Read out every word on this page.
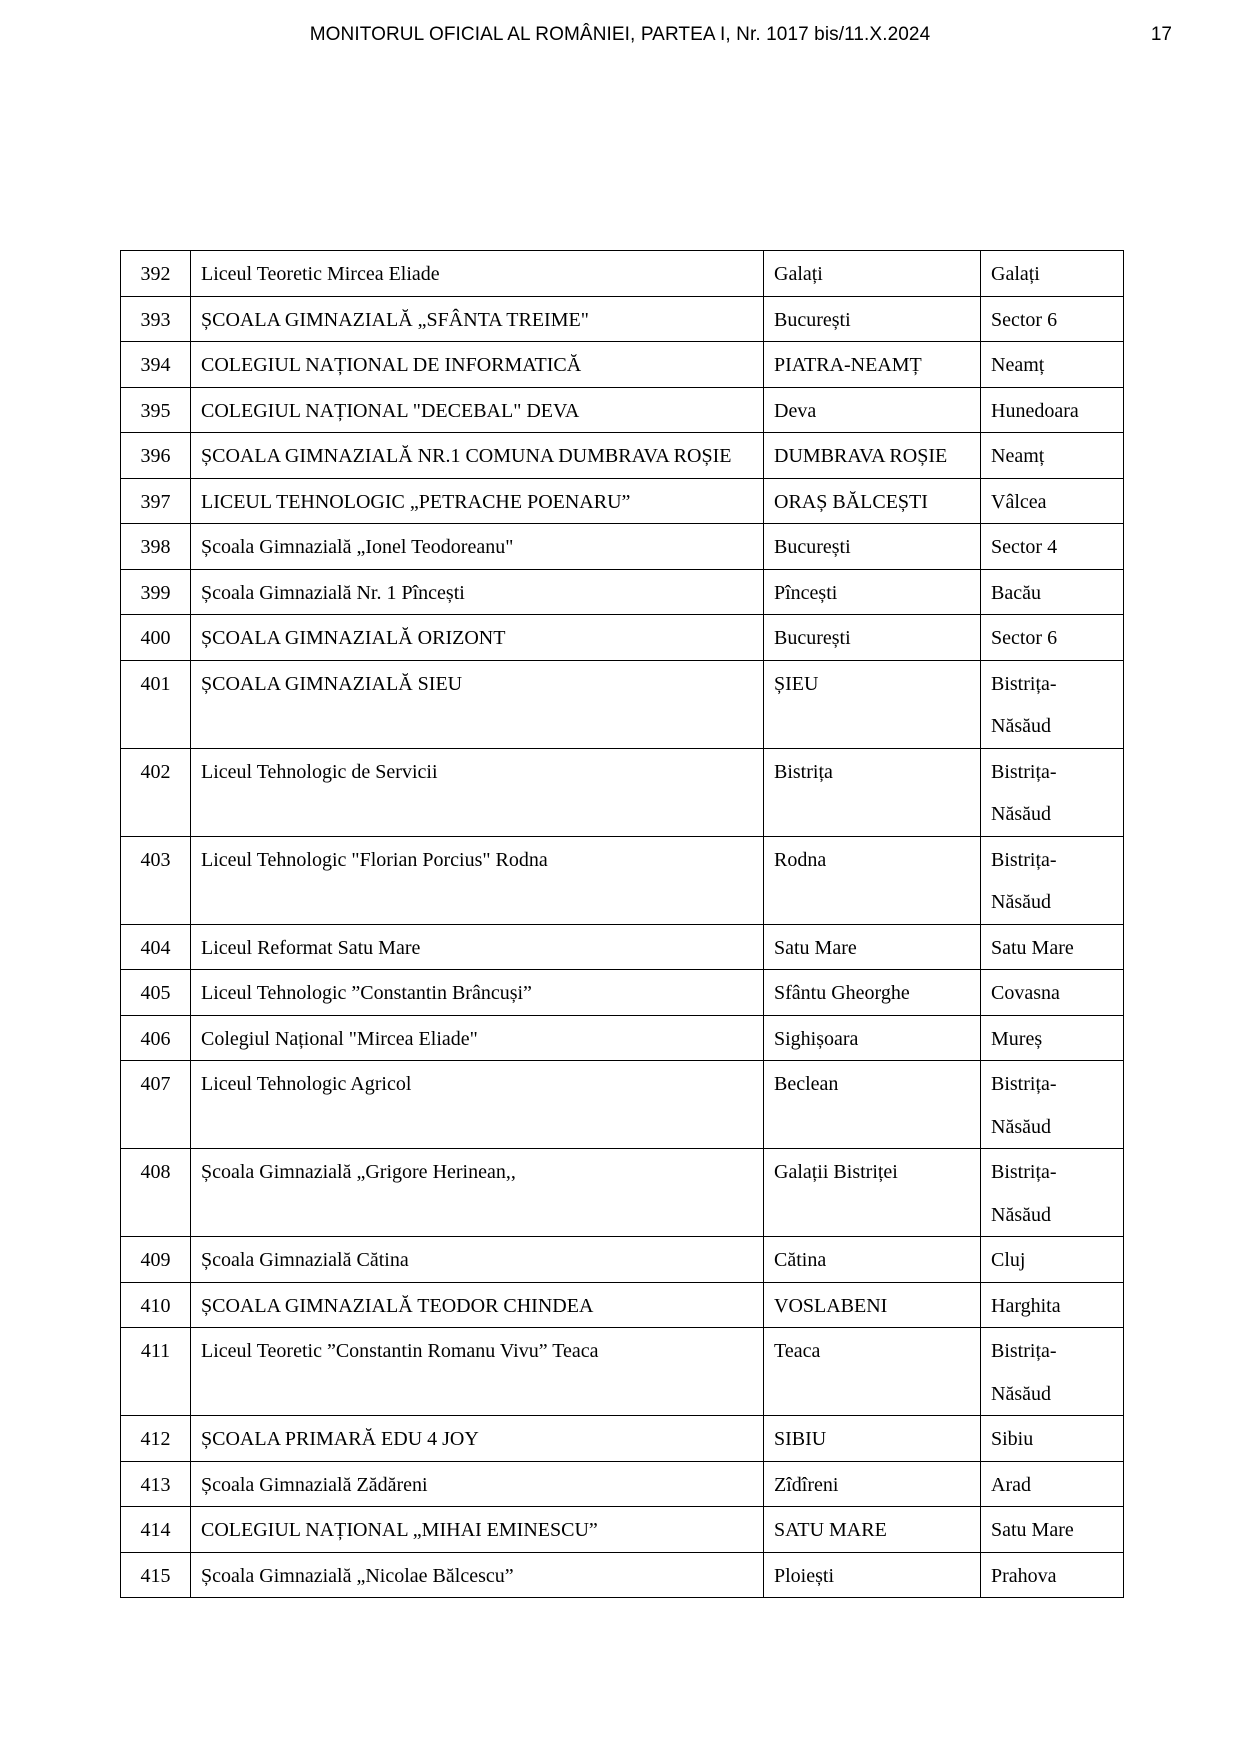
MONITORUL OFICIAL AL ROMÂNIEI, PARTEA I, Nr. 1017 bis/11.X.2024	17
392	Liceul Teoretic Mircea Eliade	Galați	Galați
393	ȘCOALA GIMNAZIALĂ „SFÂNTA TREIME"	București	Sector 6
394	COLEGIUL NAȚIONAL DE INFORMATICĂ	PIATRA-NEAMȚ	Neamț
395	COLEGIUL NAȚIONAL "DECEBAL" DEVA	Deva	Hunedoara
396	ȘCOALA GIMNAZIALĂ NR.1 COMUNA DUMBRAVA ROȘIE	DUMBRAVA ROȘIE	Neamț
397	LICEUL TEHNOLOGIC „PETRACHE POENARU”	ORAȘ BĂLCEȘTI	Vâlcea
398	Școala Gimnazială „Ionel Teodoreanu"	București	Sector 4
399	Școala Gimnazială Nr. 1 Pîncești	Pîncești	Bacău
400	ȘCOALA GIMNAZIALĂ ORIZONT	București	Sector 6
401	ȘCOALA GIMNAZIALĂ SIEU	ȘIEU	Bistrița-Năsăud
402	Liceul Tehnologic de Servicii	Bistrița	Bistrița-Năsăud
403	Liceul Tehnologic "Florian Porcius" Rodna	Rodna	Bistrița-Năsăud
404	Liceul Reformat Satu Mare	Satu Mare	Satu Mare
405	Liceul Tehnologic ”Constantin Brâncuși”	Sfântu Gheorghe	Covasna
406	Colegiul Național "Mircea Eliade"	Sighișoara	Mureș
407	Liceul Tehnologic Agricol	Beclean	Bistrița-Năsăud
408	Școala Gimnazială „Grigore Herinean,,	Galații Bistriței	Bistrița-Năsăud
409	Școala Gimnazială Cătina	Cătina	Cluj
410	ȘCOALA GIMNAZIALĂ TEODOR CHINDEA	VOSLABENI	Harghita
411	Liceul Teoretic ”Constantin Romanu Vivu” Teaca	Teaca	Bistrița-Năsăud
412	ȘCOALA PRIMARĂ EDU 4 JOY	SIBIU	Sibiu
413	Școala Gimnazială Zădăreni	Zîdîreni	Arad
414	COLEGIUL NAȚIONAL „MIHAI EMINESCU”	SATU MARE	Satu Mare
415	Școala Gimnazială „Nicolae Bălcescu”	Ploiești	Prahova
